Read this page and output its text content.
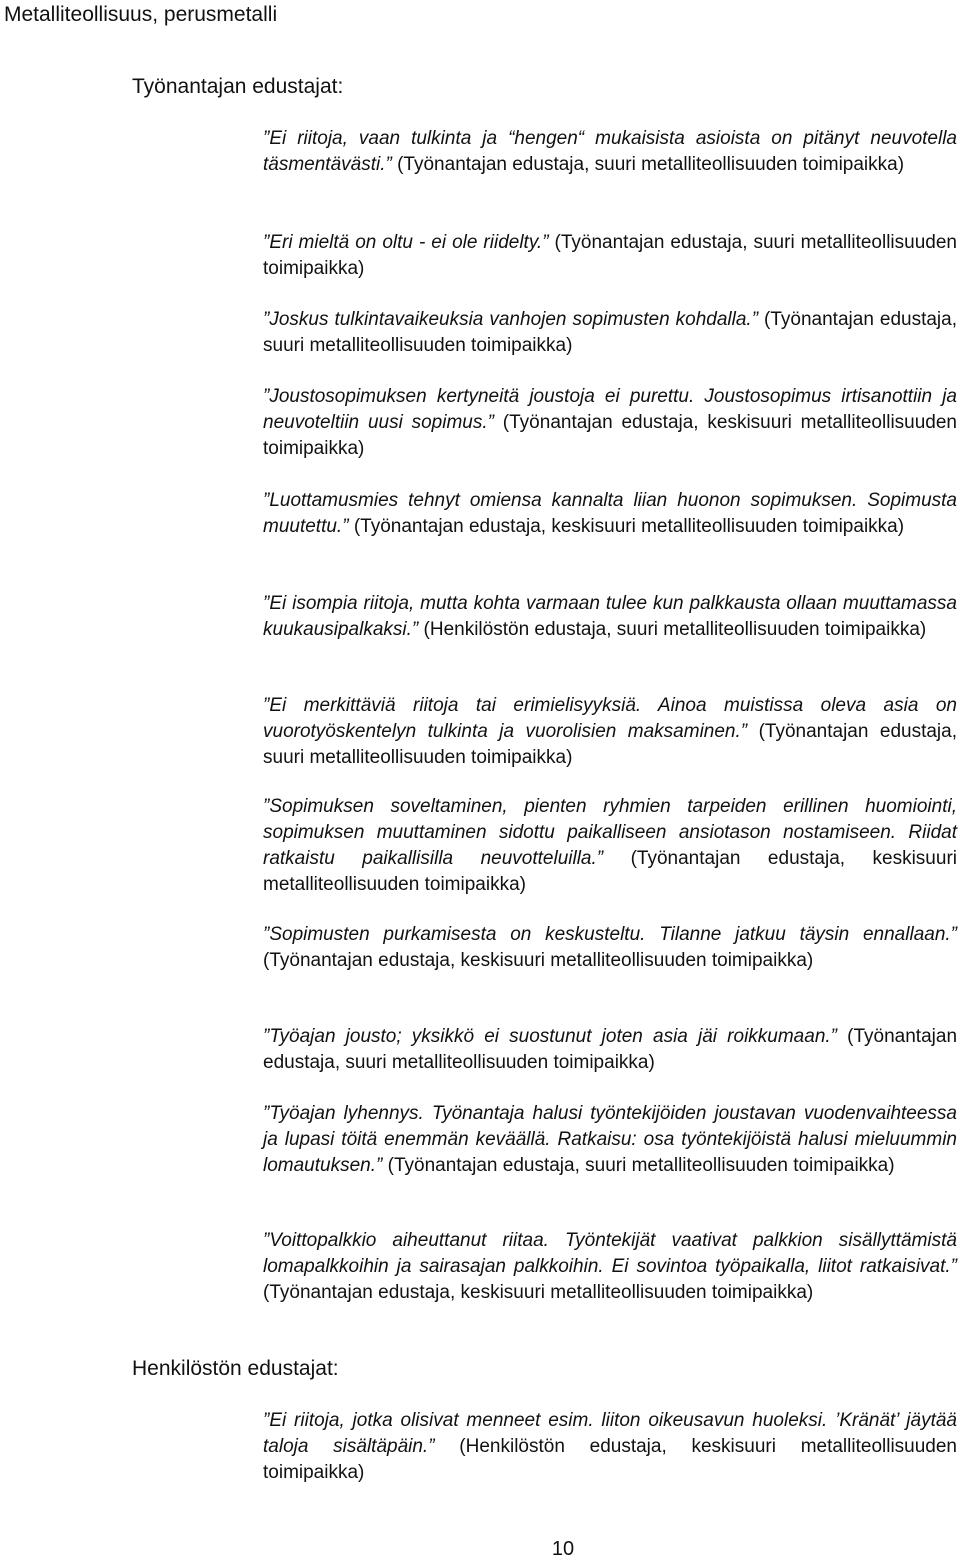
Metalliteollisuus, perusmetalli
Työnantajan edustajat:
”Ei riitoja, vaan tulkinta ja “hengen“ mukaisista asioista on pitänyt neuvotella täsmentävästi.” (Työnantajan edustaja, suuri metalliteollisuuden toimipaikka)
”Eri mieltä on oltu - ei ole riidelty.” (Työnantajan edustaja, suuri metalliteollisuuden toimipaikka)
”Joskus tulkintavaikeuksia vanhojen sopimusten kohdalla.” (Työnantajan edustaja, suuri metalliteollisuuden toimipaikka)
”Joustosopimuksen kertyneitä joustoja ei purettu. Joustosopimus irtisanottiin ja neuvoteltiin uusi sopimus.” (Työnantajan edustaja, keskisuuri metalliteollisuuden toimipaikka)
”Luottamusmies tehnyt omiensa kannalta liian huonon sopimuksen. Sopimusta muutettu.” (Työnantajan edustaja, keskisuuri metalliteollisuuden toimipaikka)
”Ei isompia riitoja, mutta kohta varmaan tulee kun palkkausta ollaan muuttamassa kuukausipalkaksi.” (Henkilöstön edustaja, suuri metalliteollisuuden toimipaikka)
”Ei merkittäviä riitoja tai erimielisyyksiä. Ainoa muistissa oleva asia on vuorotyöskentelyn tulkinta ja vuorolisien maksaminen.” (Työnantajan edustaja, suuri metalliteollisuuden toimipaikka)
”Sopimuksen soveltaminen, pienten ryhmien tarpeiden erillinen huomiointi, sopimuksen muuttaminen sidottu paikalliseen ansiotason nostamiseen. Riidat ratkaistu paikallisilla neuvotteluilla.” (Työnantajan edustaja, keskisuuri metalliteollisuuden toimipaikka)
”Sopimusten purkamisesta on keskusteltu. Tilanne jatkuu täysin ennallaan.” (Työnantajan edustaja, keskisuuri metalliteollisuuden toimipaikka)
”Työajan jousto; yksikkö ei suostunut joten asia jäi roikkumaan.” (Työnantajan edustaja, suuri metalliteollisuuden toimipaikka)
”Työajan lyhennys. Työnantaja halusi työntekijöiden joustavan vuodenvaihteessa ja lupasi töitä enemmän keväällä. Ratkaisu: osa työntekijöistä halusi mieluummin lomautuksen.” (Työnantajan edustaja, suuri metalliteollisuuden toimipaikka)
”Voittopalkkio aiheuttanut riitaa. Työntekijät vaativat palkkion sisällyttämistä lomapalkkoihin ja sairasajan palkkoihin. Ei sovintoa työpaikalla, liitot ratkaisivat.” (Työnantajan edustaja, keskisuuri metalliteollisuuden toimipaikka)
Henkilöstön edustajat:
”Ei riitoja, jotka olisivat menneet esim. liiton oikeusavun huoleksi. ’Kränät’ jäytää taloja sisältäpäin.” (Henkilöstön edustaja, keskisuuri metalliteollisuuden toimipaikka)
10
